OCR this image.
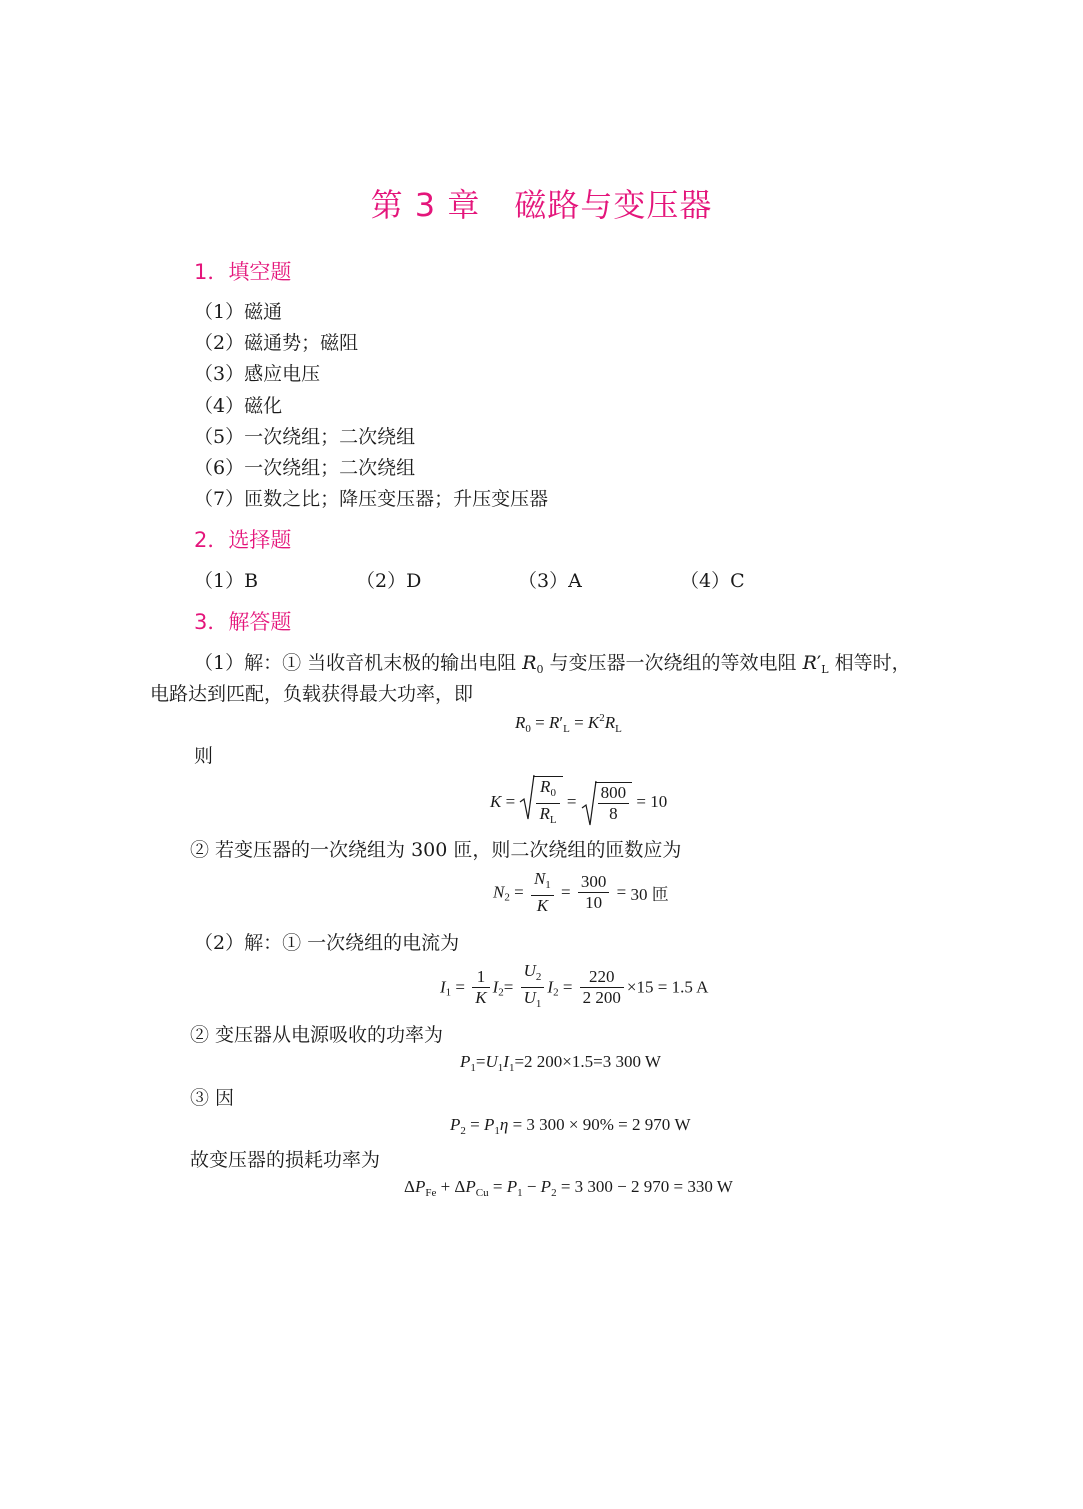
第 3 章 磁路与变压器
1．填空题
（1）磁通
（2）磁通势；磁阻
（3）感应电压
（4）磁化
（5）一次绕组；二次绕组
（6）一次绕组；二次绕组
（7）匝数之比；降压变压器；升压变压器
2．选择题
（1）B	（2）D	（3）A	（4）C
3．解答题
（1）解：① 当收音机末极的输出电阻 $R_0$ 与变压器一次绕组的等效电阻 $R'_L$ 相等时，
电路达到匹配，负载获得最大功率，即
$R_0 = R'_L = K^2R_L$
则
$K = \frac{R_0}{R_L} = \frac{800}{8} = 10$
② 若变压器的一次绕组为 300 匝，则二次绕组的匝数应为
$N_2 = \frac{N_1}{K} = \frac{300}{10} = 30$ 匝
（2）解：① 一次绕组的电流为
$I_1 = \frac{1}{K} I_2= \frac{U_2}{U_1} I_2 = \frac{220}{2 200} \times 15 = 1.5$ A
② 变压器从电源吸收的功率为
$P_1=U_1I_1=2$ 200×1.5=3 300 W
③ 因
$P_2 = P_1\eta = 3$ 300 × 90% = 2 970 W
故变压器的损耗功率为
$\Delta P_{Fe} + \Delta P_{Cu} = P_1 - P_2 = 3$ 300 − 2 970 = 330 W
